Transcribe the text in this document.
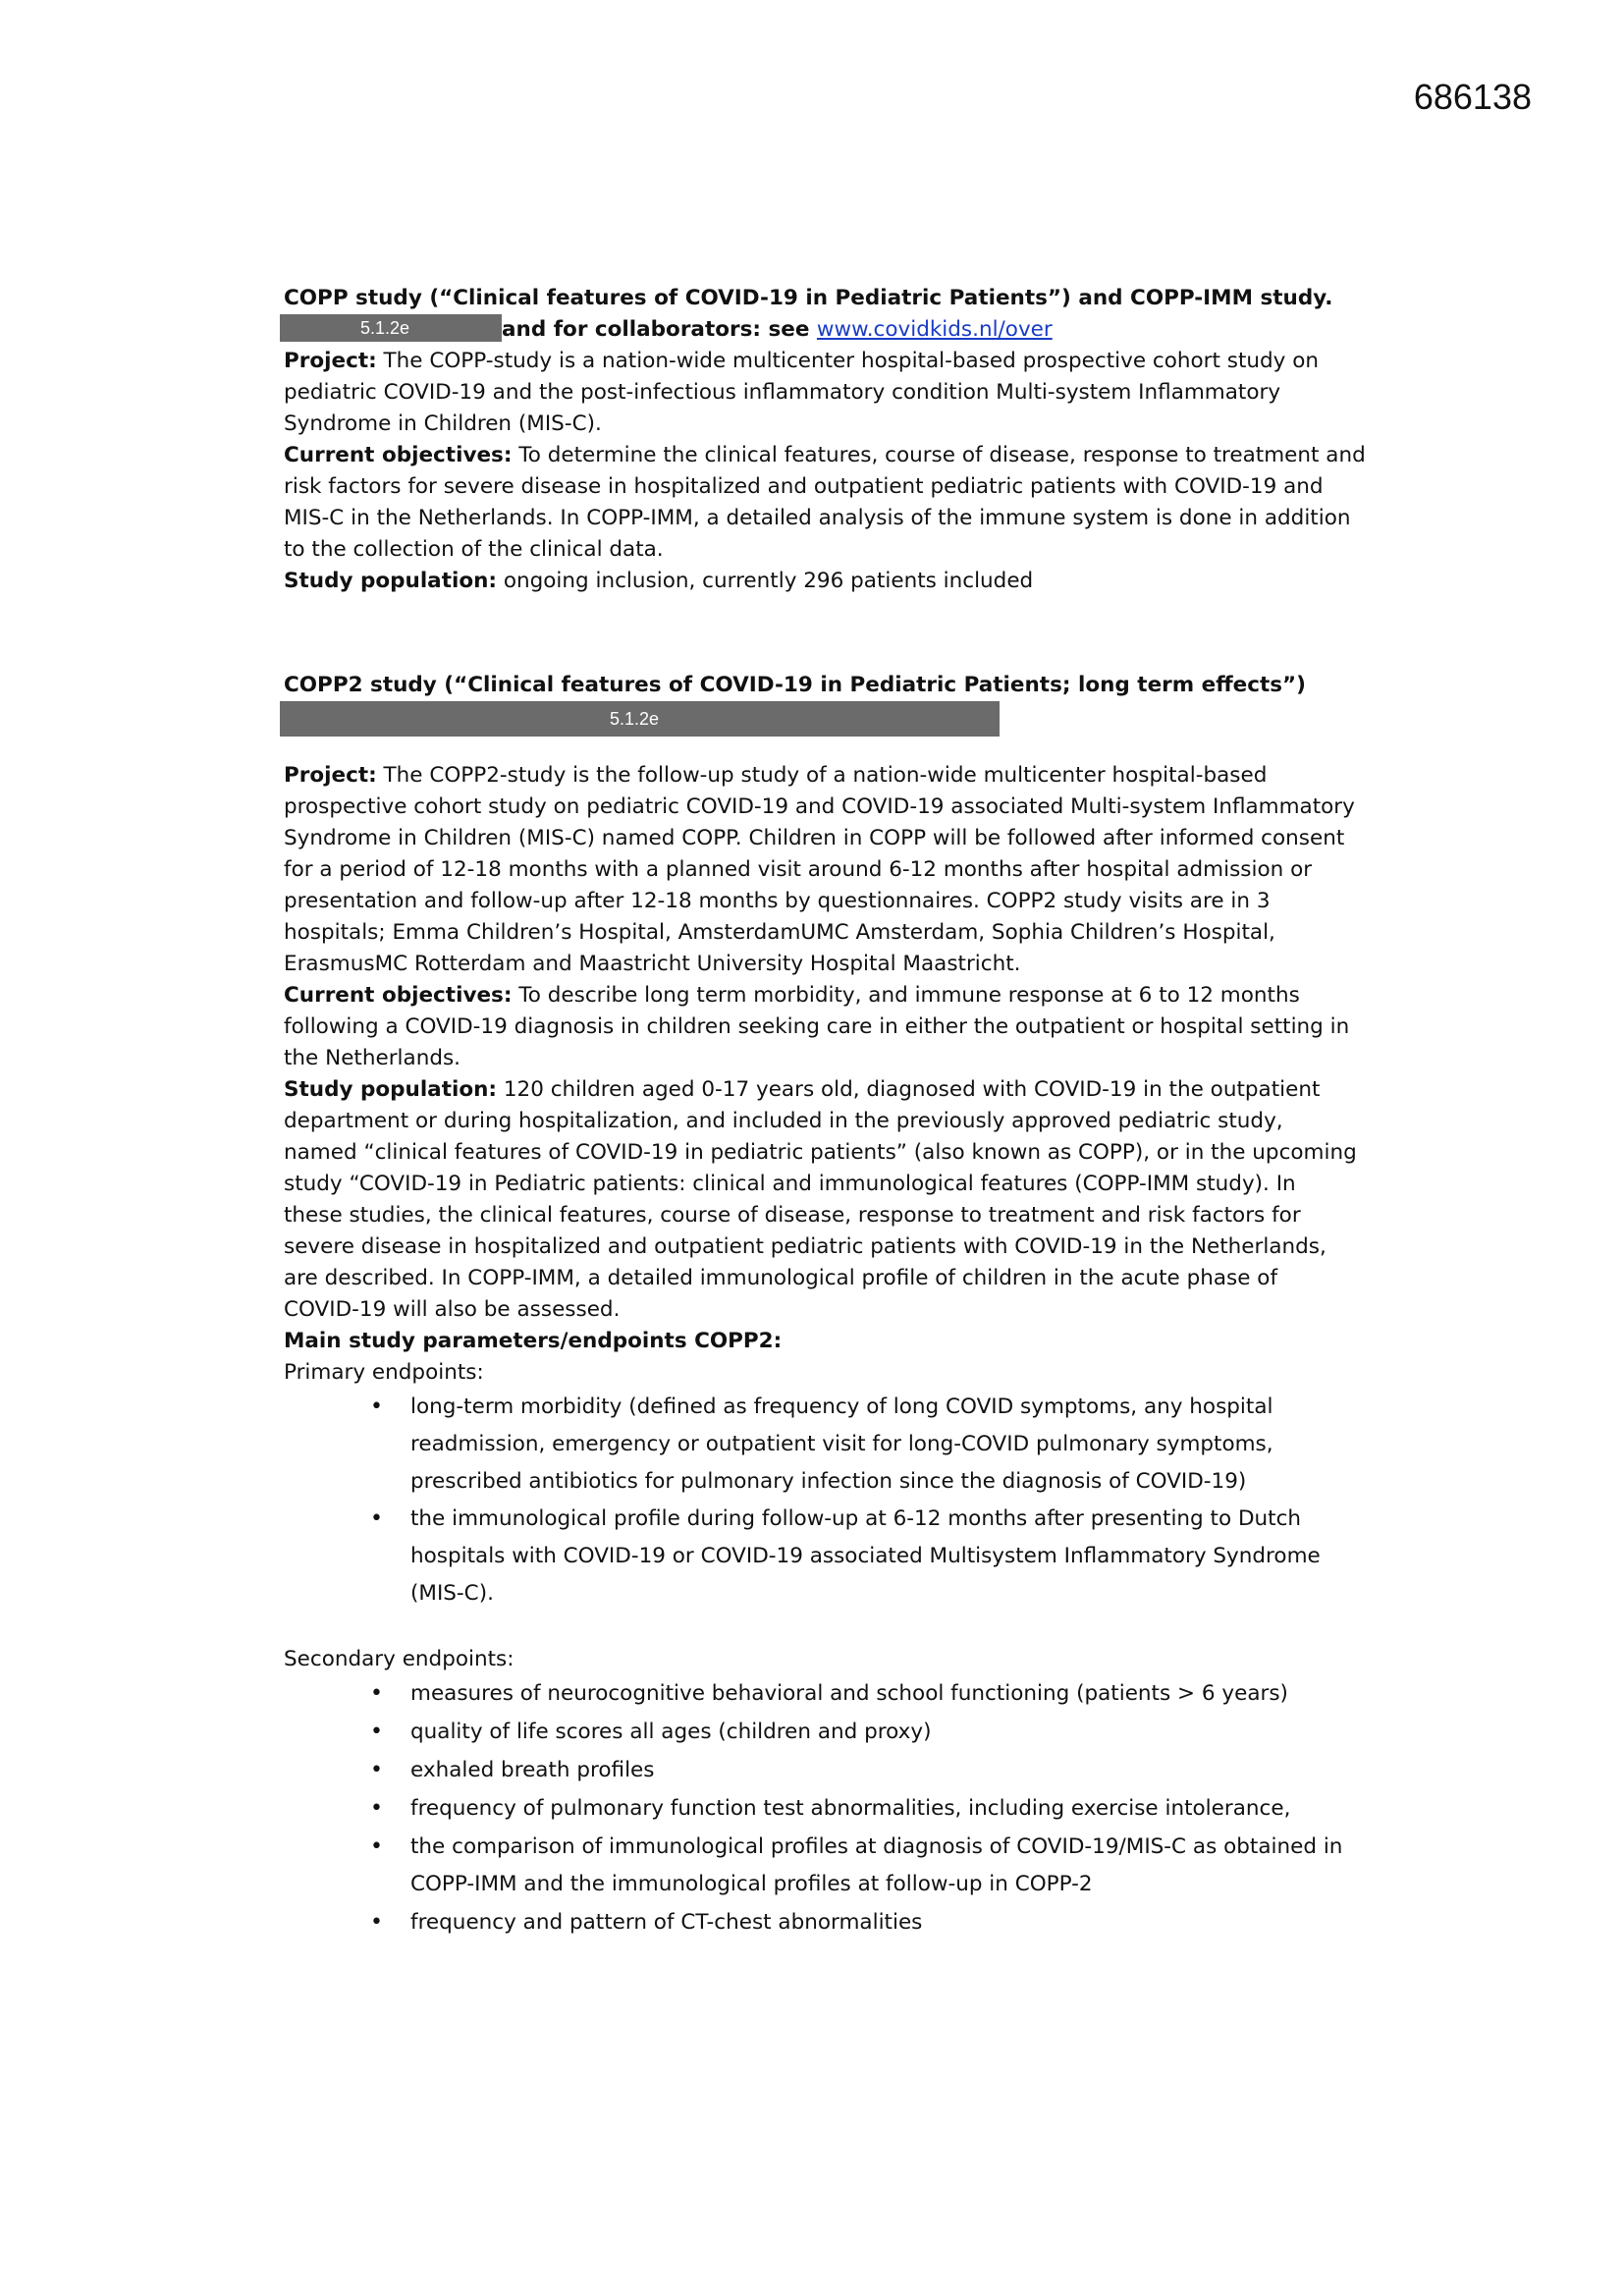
686138
COPP study (“Clinical features of COVID-19 in Pediatric Patients”) and COPP-IMM study.
5.1.2e	and for collaborators: see www.covidkids.nl/over
Project: The COPP-study is a nation-wide multicenter hospital-based prospective cohort study on
pediatric COVID-19 and the post-infectious inflammatory condition Multi-system Inflammatory
Syndrome in Children (MIS-C).
Current objectives: To determine the clinical features, course of disease, response to treatment and
risk factors for severe disease in hospitalized and outpatient pediatric patients with COVID-19 and
MIS-C in the Netherlands. In COPP-IMM, a detailed analysis of the immune system is done in addition
to the collection of the clinical data.
Study population: ongoing inclusion, currently 296 patients included
COPP2 study (“Clinical features of COVID-19 in Pediatric Patients; long term effects”)
5.1.2e
Project: The COPP2-study is the follow-up study of a nation-wide multicenter hospital-based
prospective cohort study on pediatric COVID-19 and COVID-19 associated Multi-system Inflammatory
Syndrome in Children (MIS-C) named COPP. Children in COPP will be followed after informed consent
for a period of 12-18 months with a planned visit around 6-12 months after hospital admission or
presentation and follow-up after 12-18 months by questionnaires. COPP2 study visits are in 3
hospitals; Emma Children’s Hospital, AmsterdamUMC Amsterdam, Sophia Children’s Hospital,
ErasmusMC Rotterdam and Maastricht University Hospital Maastricht.
Current objectives: To describe long term morbidity, and immune response at 6 to 12 months
following a COVID-19 diagnosis in children seeking care in either the outpatient or hospital setting in
the Netherlands.
Study population: 120 children aged 0-17 years old, diagnosed with COVID-19 in the outpatient
department or during hospitalization, and included in the previously approved pediatric study,
named “clinical features of COVID-19 in pediatric patients” (also known as COPP), or in the upcoming
study “COVID-19 in Pediatric patients: clinical and immunological features (COPP-IMM study). In
these studies, the clinical features, course of disease, response to treatment and risk factors for
severe disease in hospitalized and outpatient pediatric patients with COVID-19 in the Netherlands,
are described. In COPP-IMM, a detailed immunological profile of children in the acute phase of
COVID-19 will also be assessed.
Main study parameters/endpoints COPP2:
Primary endpoints:
• long-term morbidity (defined as frequency of long COVID symptoms, any hospital
readmission, emergency or outpatient visit for long-COVID pulmonary symptoms,
prescribed antibiotics for pulmonary infection since the diagnosis of COVID-19)
• the immunological profile during follow-up at 6-12 months after presenting to Dutch
hospitals with COVID-19 or COVID-19 associated Multisystem Inflammatory Syndrome
(MIS-C).
Secondary endpoints:
• measures of neurocognitive behavioral and school functioning (patients > 6 years)
• quality of life scores all ages (children and proxy)
• exhaled breath profiles
• frequency of pulmonary function test abnormalities, including exercise intolerance,
• the comparison of immunological profiles at diagnosis of COVID-19/MIS-C as obtained in
COPP-IMM and the immunological profiles at follow-up in COPP-2
• frequency and pattern of CT-chest abnormalities
